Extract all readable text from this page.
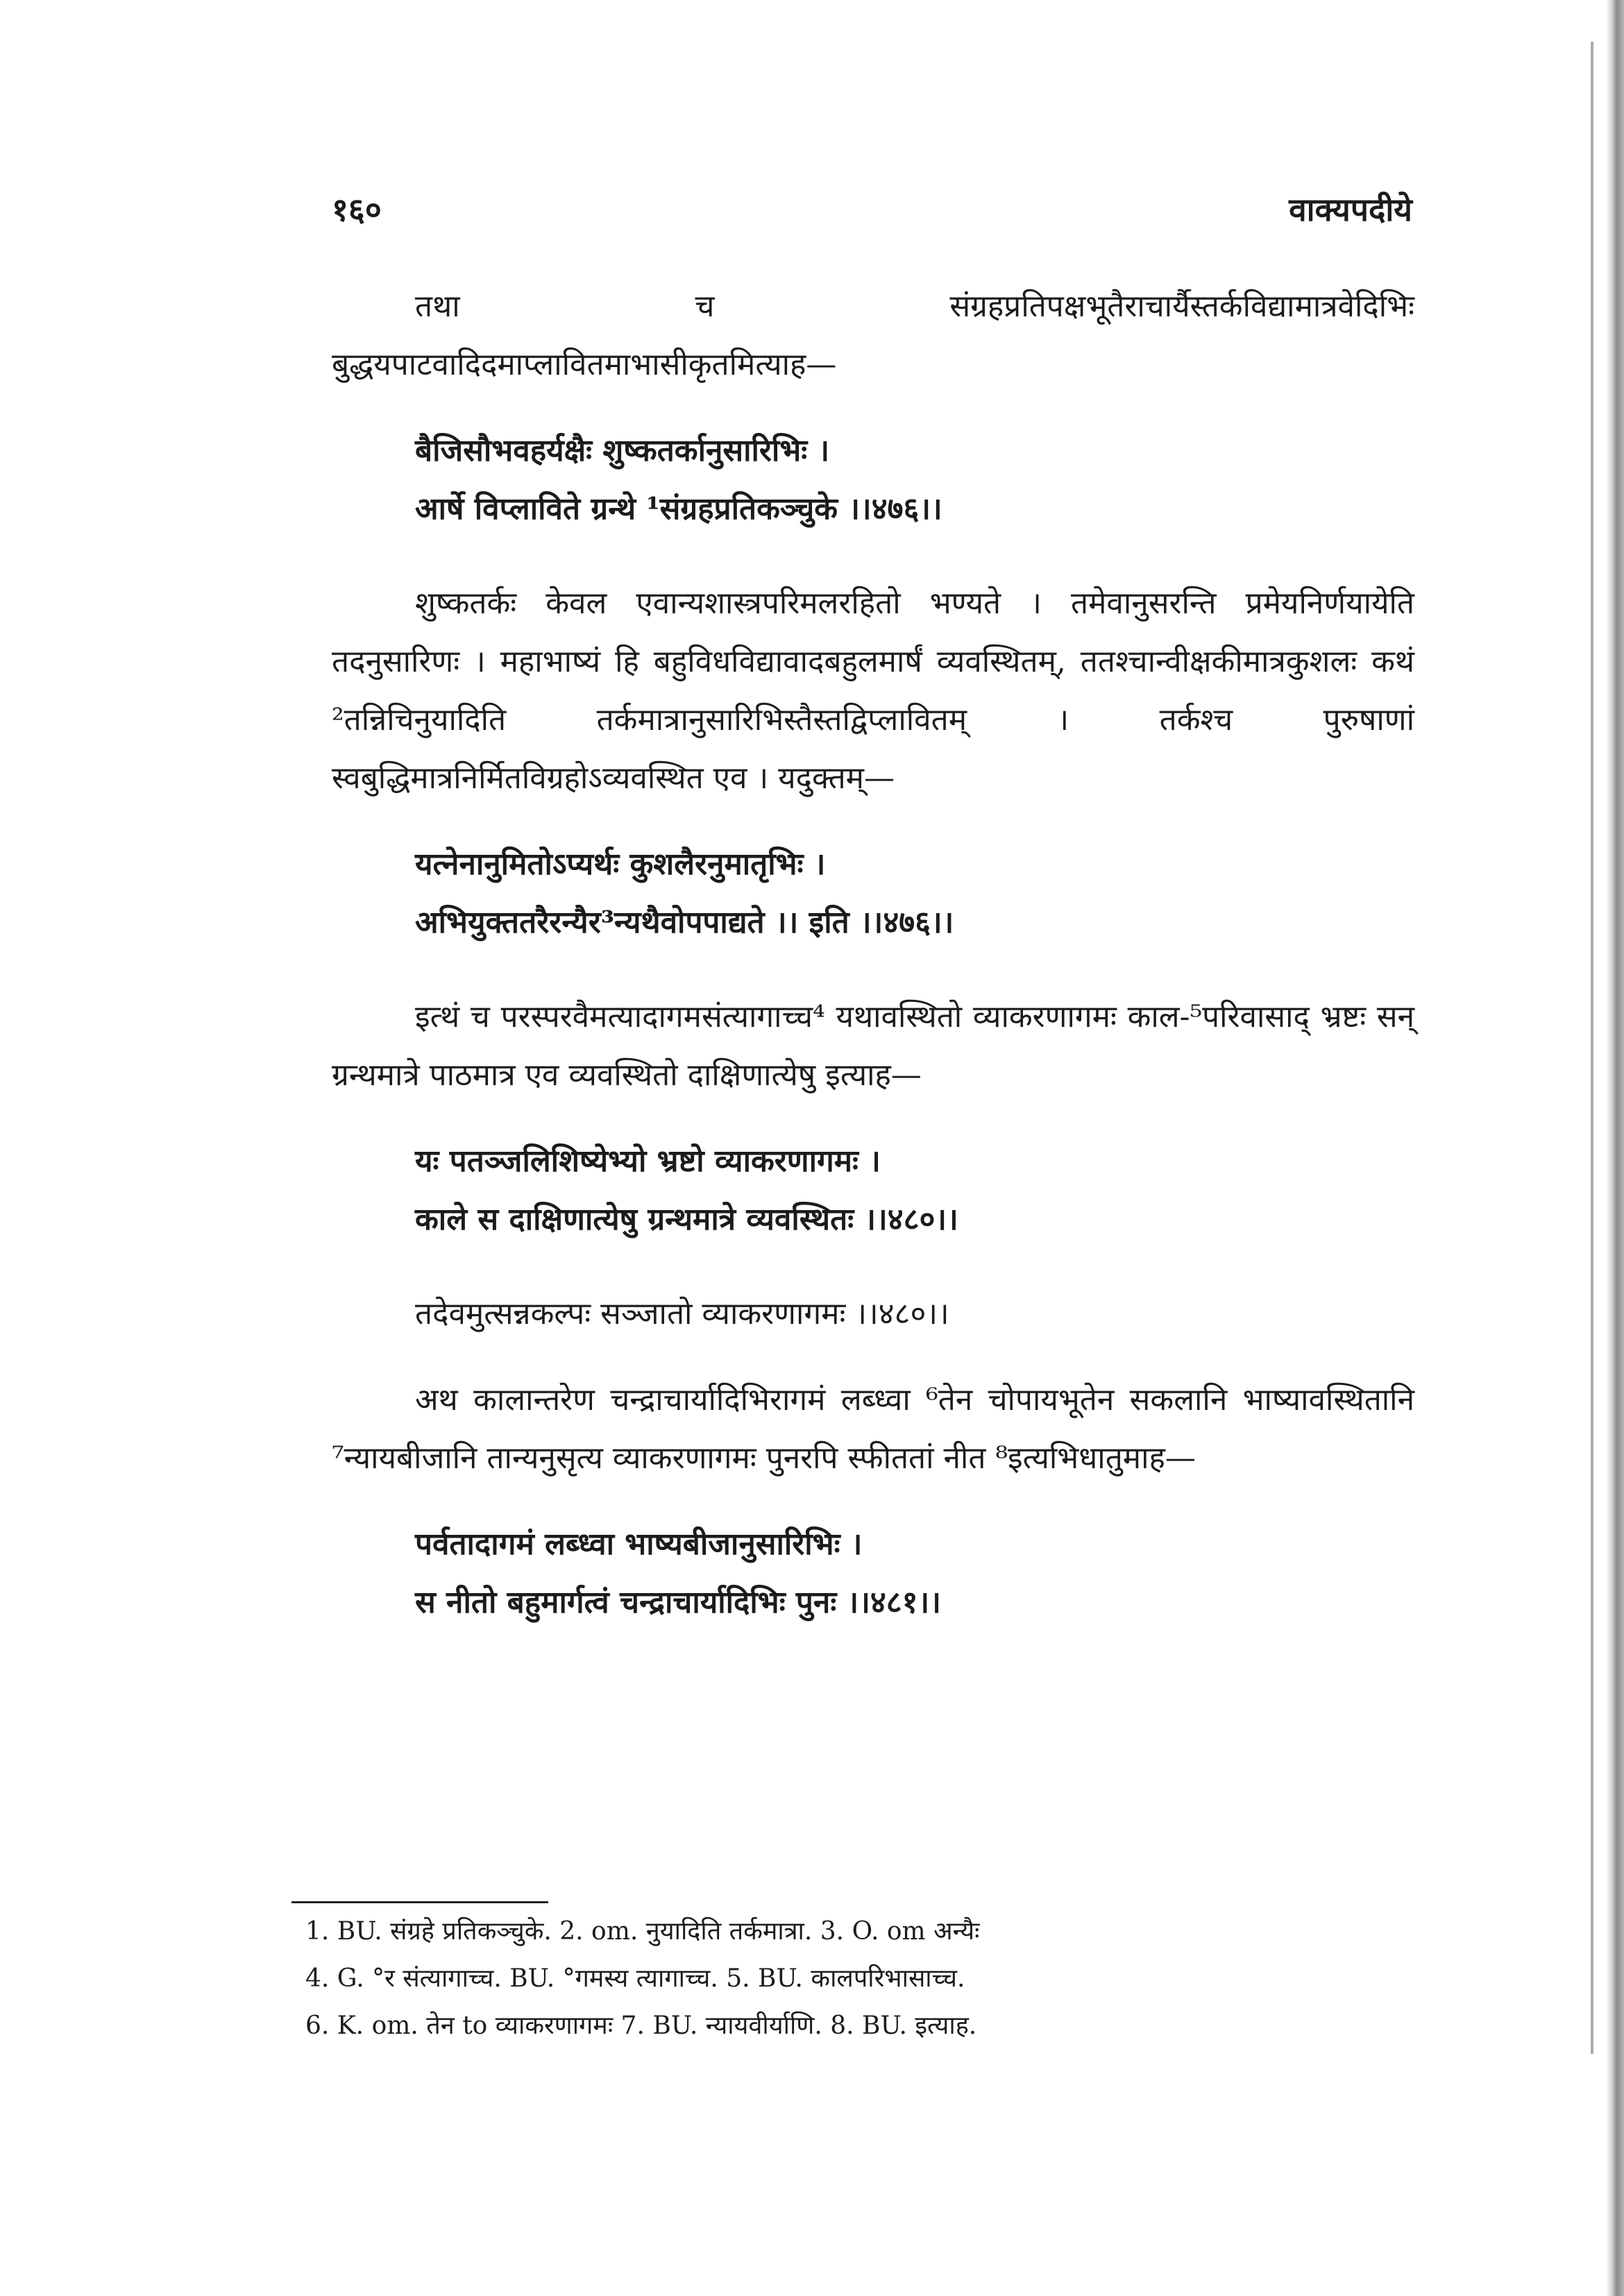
१६०	वाक्यपदीये

तथा च संग्रहप्रतिपक्षभूतैराचार्यैस्तर्कविद्यामात्रवेदिभिः बुद्धयपाटवादिदमाप्लावितमाभासीकृतमित्याह—

बैजिसौभवहर्यक्षैः शुष्कतर्कानुसारिभिः ।
आर्षे विप्लाविते ग्रन्थे ¹संग्रहप्रतिकञ्चुके ।।४७६।।

शुष्कतर्कः केवल एवान्यशास्त्रपरिमलरहितो भण्यते । तमेवानुसरन्ति प्रमेयनिर्णयायेति तदनुसारिणः । महाभाष्यं हि बहुविधविद्यावादबहुलमार्षं व्यवस्थितम्, ततश्चान्वीक्षकीमात्रकुशलः कथं ²तन्निचिनुयादिति तर्कमात्रानुसारिभिस्तैस्तद्विप्लावितम् । तर्कश्च पुरुषाणां स्वबुद्धिमात्रनिर्मितविग्रहोऽव्यवस्थित एव । यदुक्तम्—

यत्नेनानुमितोऽप्यर्थः कुशलैरनुमातृभिः ।
अभियुक्ततरैरन्यैर³न्यथैवोपपाद्यते ।। इति ।।४७६।।

इत्थं च परस्परवैमत्यादागमसंत्यागाच्च⁴ यथावस्थितो व्याकरणागमः काल-⁵परिवासाद् भ्रष्टः सन् ग्रन्थमात्रे पाठमात्र एव व्यवस्थितो दाक्षिणात्येषु इत्याह—

यः पतञ्जलिशिष्येभ्यो भ्रष्टो व्याकरणागमः ।
काले स दाक्षिणात्येषु ग्रन्थमात्रे व्यवस्थितः ।।४८०।।

तदेवमुत्सन्नकल्पः सञ्जातो व्याकरणागमः ।।४८०।।

अथ कालान्तरेण चन्द्राचार्यादिभिरागमं लब्ध्वा ⁶तेन चोपायभूतेन सकलानि भाष्यावस्थितानि ⁷न्यायबीजानि तान्यनुसृत्य व्याकरणागमः पुनरपि स्फीततां नीत ⁸इत्यभिधातुमाह—

पर्वतादागमं लब्ध्वा भाष्यबीजानुसारिभिः ।
स नीतो बहुमार्गत्वं चन्द्राचार्यादिभिः पुनः ।।४८१।।
1. BU. संग्रहे प्रतिकञ्चुके. 2. om. नुयादिति तर्कमात्रा. 3. O. om अन्यैः
4. G. °र संत्यागाच्च. BU. °गमस्य त्यागाच्च. 5. BU. कालपरिभासाच्च.
6. K. om. तेन to व्याकरणागमः 7. BU. न्यायवीर्याणि. 8. BU. इत्याह.
